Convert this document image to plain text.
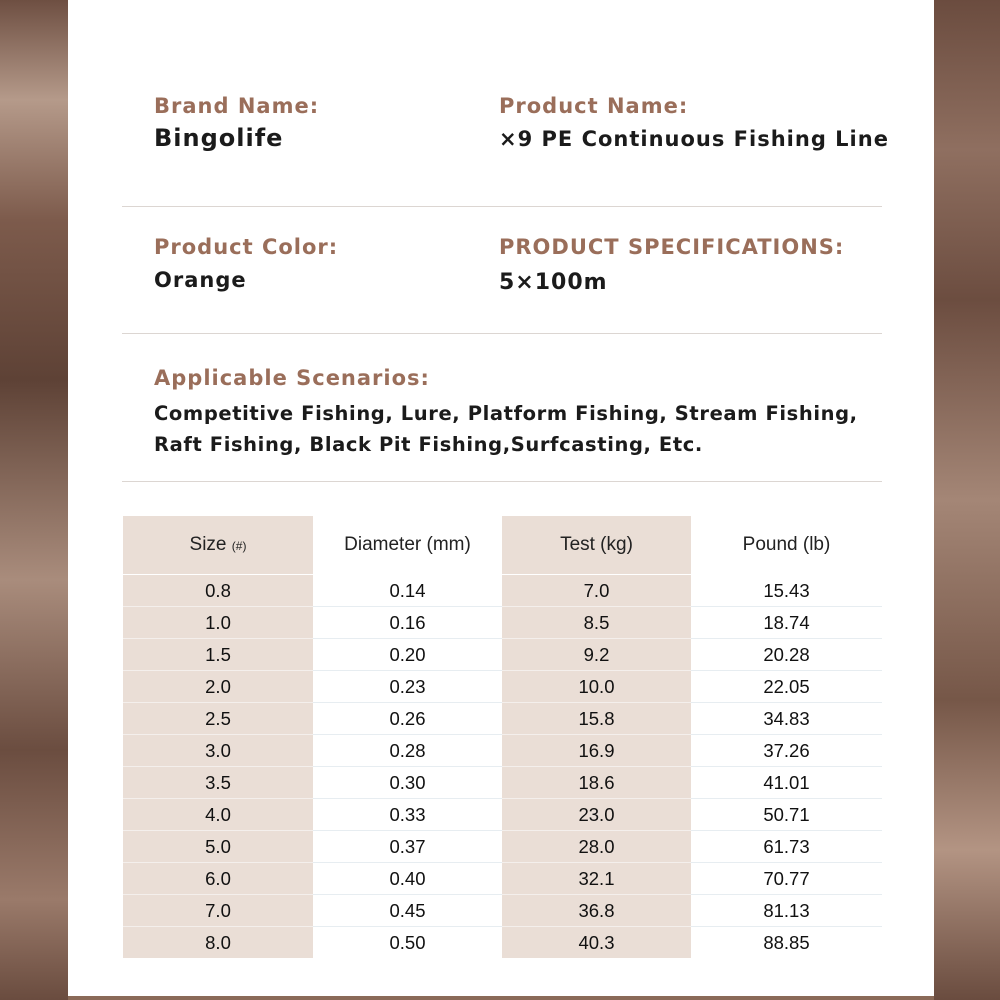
Brand Name:
Bingolife
Product Name:
×9 PE Continuous Fishing Line
Product Color:
Orange
PRODUCT SPECIFICATIONS:
5×100m
Applicable Scenarios:
Competitive Fishing, Lure, Platform Fishing, Stream Fishing,
Raft Fishing, Black Pit Fishing,Surfcasting, Etc.
Size (#)	Diameter (mm)	Test (kg)	Pound (lb)
0.8	0.14	7.0	15.43
1.0	0.16	8.5	18.74
1.5	0.20	9.2	20.28
2.0	0.23	10.0	22.05
2.5	0.26	15.8	34.83
3.0	0.28	16.9	37.26
3.5	0.30	18.6	41.01
4.0	0.33	23.0	50.71
5.0	0.37	28.0	61.73
6.0	0.40	32.1	70.77
7.0	0.45	36.8	81.13
8.0	0.50	40.3	88.85
